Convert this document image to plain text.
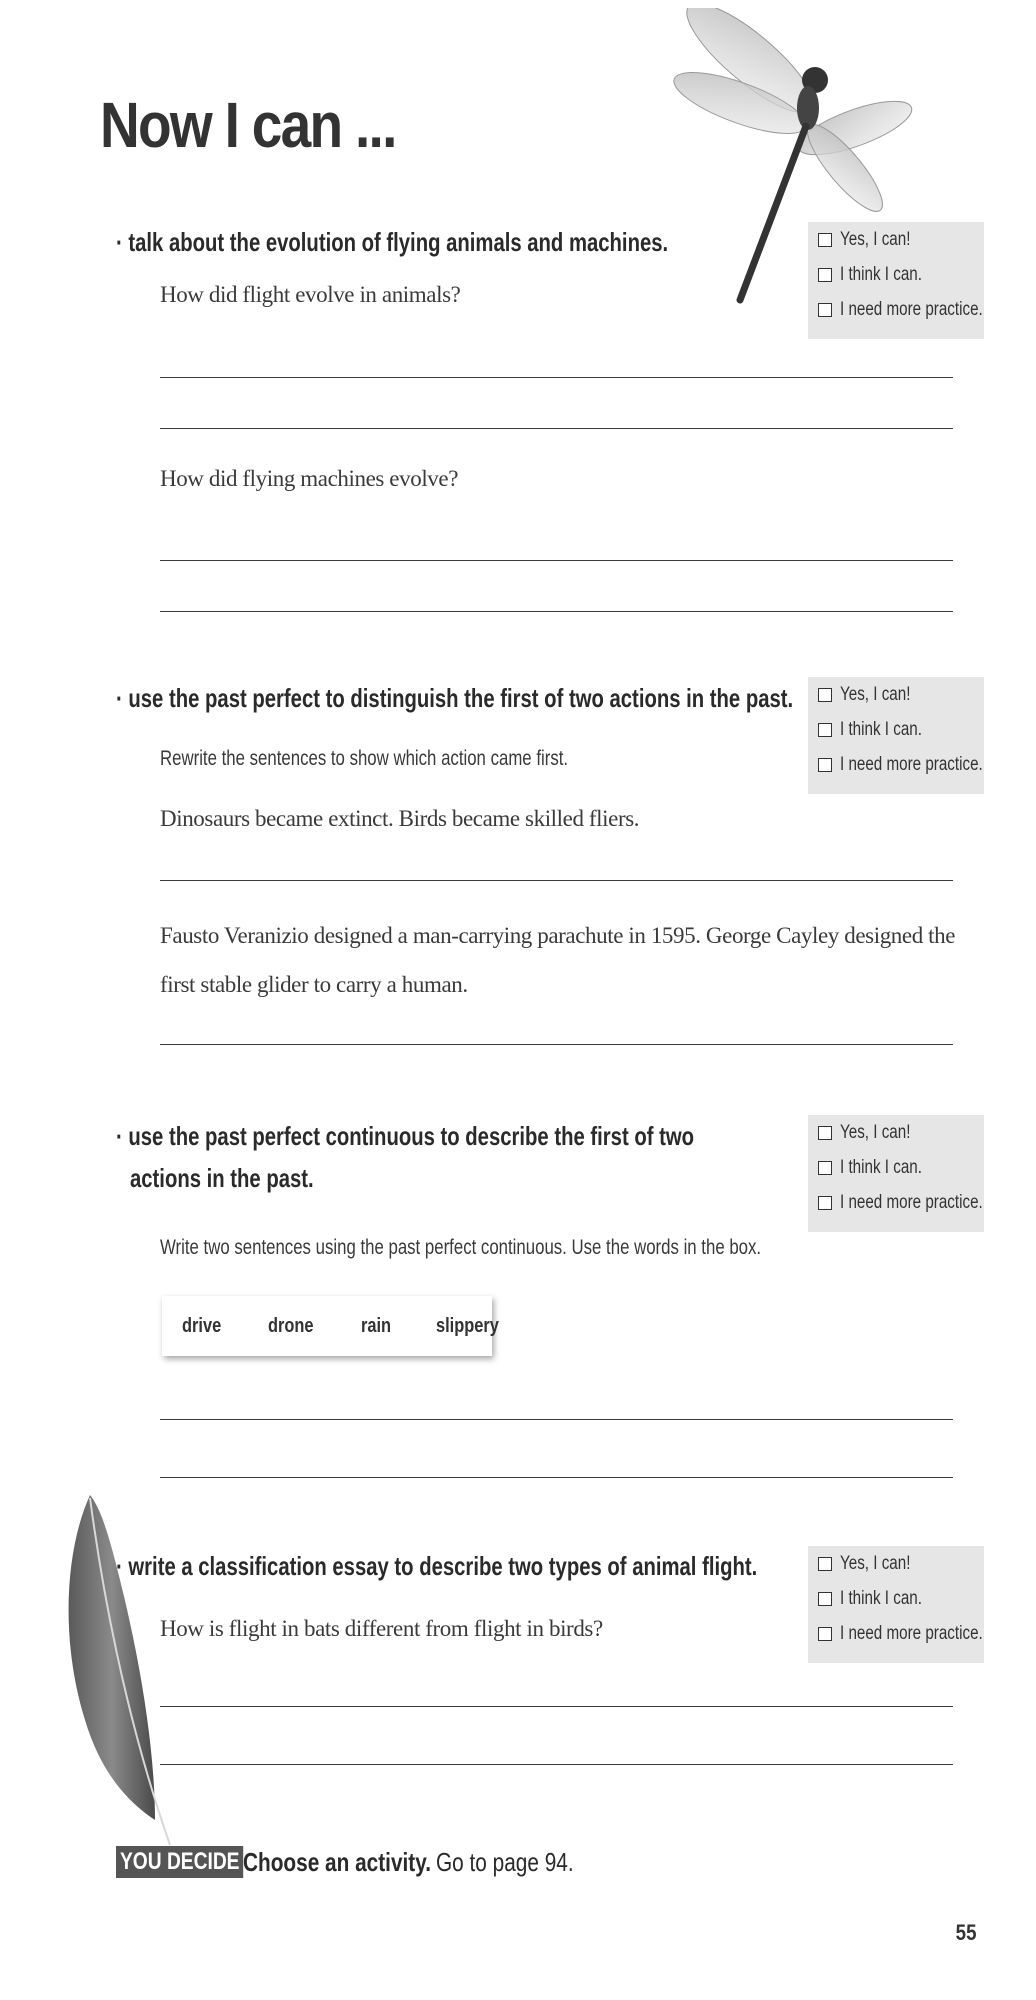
Now I can ...
· talk about the evolution of flying animals and machines.	Yes, I can!
I think I can.
I need more practice.
How did flight evolve in animals?
How did flying machines evolve?
· use the past perfect to distinguish the first of two actions in the past. Yes, I can!
I think I can.
I need more practice.
Rewrite the sentences to show which action came first.
Dinosaurs became extinct. Birds became skilled fliers.
Fausto Veranizio designed a man-carrying parachute in 1595. George Cayley designed the
first stable glider to carry a human.
· use the past perfect continuous to describe the first of two
actions in the past.
Yes, I can!
I think I can.
I need more practice.
Write two sentences using the past perfect continuous. Use the words in the box.
drive drone rain slippery
· write a classification essay to describe two types of animal flight.	Yes, I can!
I think I can.
I need more practice.
How is flight in bats different from flight in birds?
YOU DECIDE Choose an activity. Go to page 94.
55
